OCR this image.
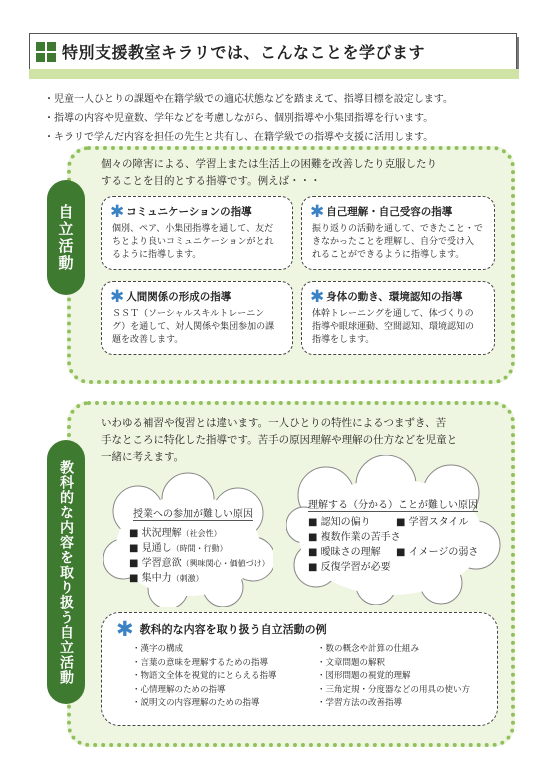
特別支援教室キラリでは、こんなことを学びます
・児童一人ひとりの課題や在籍学級での適応状態などを踏まえて、指導目標を設定します。
・指導の内容や児童数、学年などを考慮しながら、個別指導や小集団指導を行います。
・キラリで学んだ内容を担任の先生と共有し、在籍学級での指導や支援に活用します。
個々の障害による、学習上または生活上の困難を改善したり克服したり
することを目的とする指導です。例えば・・・
✱ コミュニケーションの指導
個別、ペア、小集団指導を通して、友だ
ちとより良いコミュニケーションがとれ
るように指導します。
✱ 自己理解・自己受容の指導
振り返りの活動を通して、できたこと・で
きなかったことを理解し、自分で受け入
れることができるように指導します。
✱ 人間関係の形成の指導
ＳＳＴ（ソーシャルスキルトレーニン
グ）を通して、対人関係や集団参加の課
題を改善します。
✱ 身体の動き、環境認知の指導
体幹トレーニングを通して、体づくりの
指導や眼球運動、空間認知、環境認知の
指導をします。
自立活動
いわゆる補習や復習とは違います。一人ひとりの特性によるつまずき、苦
手なところに特化した指導です。苦手の原因理解や理解の仕方などを児童と
一緒に考えます。
授業への参加が難しい原因
■ 状況理解（社会性）
■ 見通し（時間・行動）
■ 学習意欲（興味関心・価値づけ）
■ 集中力（刺激）
理解する（分かる）ことが難しい原因
■ 認知の偏り	■ 学習スタイル
■ 複数作業の苦手さ
■ 曖昧さの理解 ■ イメージの弱さ
■ 反復学習が必要
✱ 教科的な内容を取り扱う自立活動の例
・漢字の構成
・言葉の意味を理解するための指導
・物語文全体を視覚的にとらえる指導
・心情理解のための指導
・説明文の内容理解のための指導
・数の概念や計算の仕組み
・文章問題の解釈
・図形問題の視覚的理解
・三角定規・分度器などの用具の使い方
・学習方法の改善指導
教科的な内容を取り扱う自立活動
